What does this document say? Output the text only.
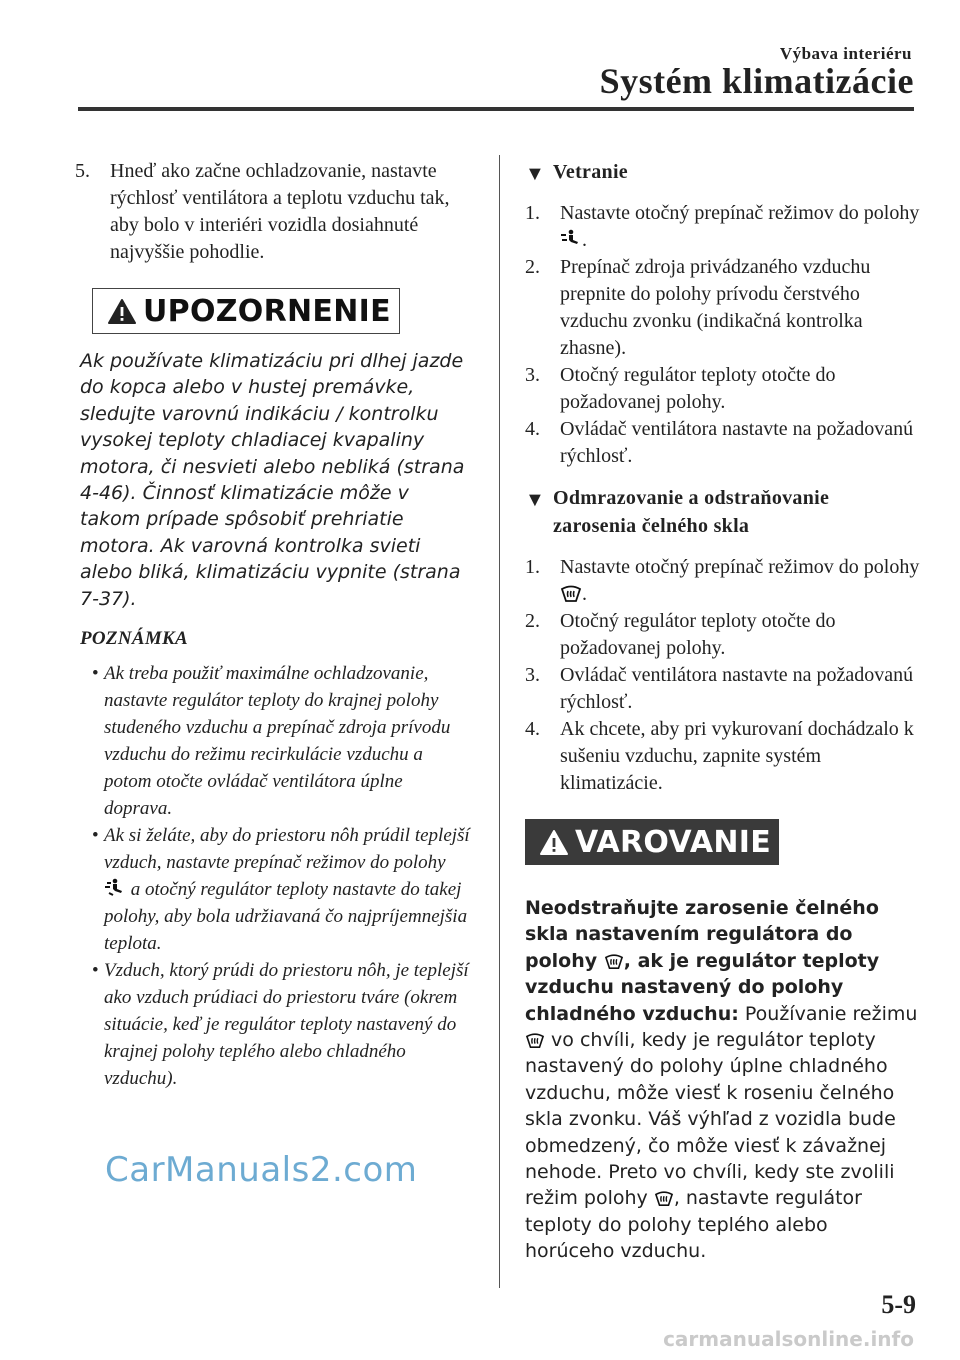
Výbava interiéru
Systém klimatizácie
5. Hneď ako začne ochladzovanie, nastavte rýchlosť ventilátora a teplotu vzduchu tak, aby bolo v interiéri vozidla dosiahnuté najvyššie pohodlie.
UPOZORNENIE
Ak používate klimatizáciu pri dlhej jazde do kopca alebo v hustej premávke, sledujte varovnú indikáciu / kontrolku vysokej teploty chladiacej kvapaliny motora, či nesvieti alebo nebliká (strana 4-46). Činnosť klimatizácie môže v takom prípade spôsobiť prehriatie motora. Ak varovná kontrolka svieti alebo bliká, klimatizáciu vypnite (strana 7-37).
POZNÁMKA
• Ak treba použiť maximálne ochladzovanie, nastavte regulátor teploty do krajnej polohy studeného vzduchu a prepínač zdroja prívodu vzduchu do režimu recirkulácie vzduchu a potom otočte ovládač ventilátora úplne doprava.
• Ak si želáte, aby do priestoru nôh prúdil teplejší vzduch, nastavte prepínač režimov do polohy  a otočný regulátor teploty nastavte do takej polohy, aby bola udržiavaná čo najpríjemnejšia teplota.
• Vzduch, ktorý prúdi do priestoru nôh, je teplejší ako vzduch prúdiaci do priestoru tváre (okrem situácie, keď je regulátor teploty nastavený do krajnej polohy teplého alebo chladného vzduchu).
▼ Vetranie
1. Nastavte otočný prepínač režimov do polohy .
2. Prepínač zdroja privádzaného vzduchu prepnite do polohy prívodu čerstvého vzduchu zvonku (indikačná kontrolka zhasne).
3. Otočný regulátor teploty otočte do požadovanej polohy.
4. Ovládač ventilátora nastavte na požadovanú rýchlosť.
▼ Odmrazovanie a odstraňovanie
zarosenia čelného skla
1. Nastavte otočný prepínač režimov do polohy .
2. Otočný regulátor teploty otočte do požadovanej polohy.
3. Ovládač ventilátora nastavte na požadovanú rýchlosť.
4. Ak chcete, aby pri vykurovaní dochádzalo k sušeniu vzduchu, zapnite systém klimatizácie.
VAROVANIE
Neodstraňujte zarosenie čelného skla nastavením regulátora do polohy , ak je regulátor teploty vzduchu nastavený do polohy chladného vzduchu: Používanie režimu  vo chvíli, kedy je regulátor teploty nastavený do polohy úplne chladného vzduchu, môže viesť k roseniu čelného skla zvonku. Váš výhľad z vozidla bude obmedzený, čo môže viesť k závažnej nehode. Preto vo chvíli, kedy ste zvolili režim polohy , nastavte regulátor teploty do polohy teplého alebo horúceho vzduchu.
CarManuals2.com
5-9
carmanualsonline.info
